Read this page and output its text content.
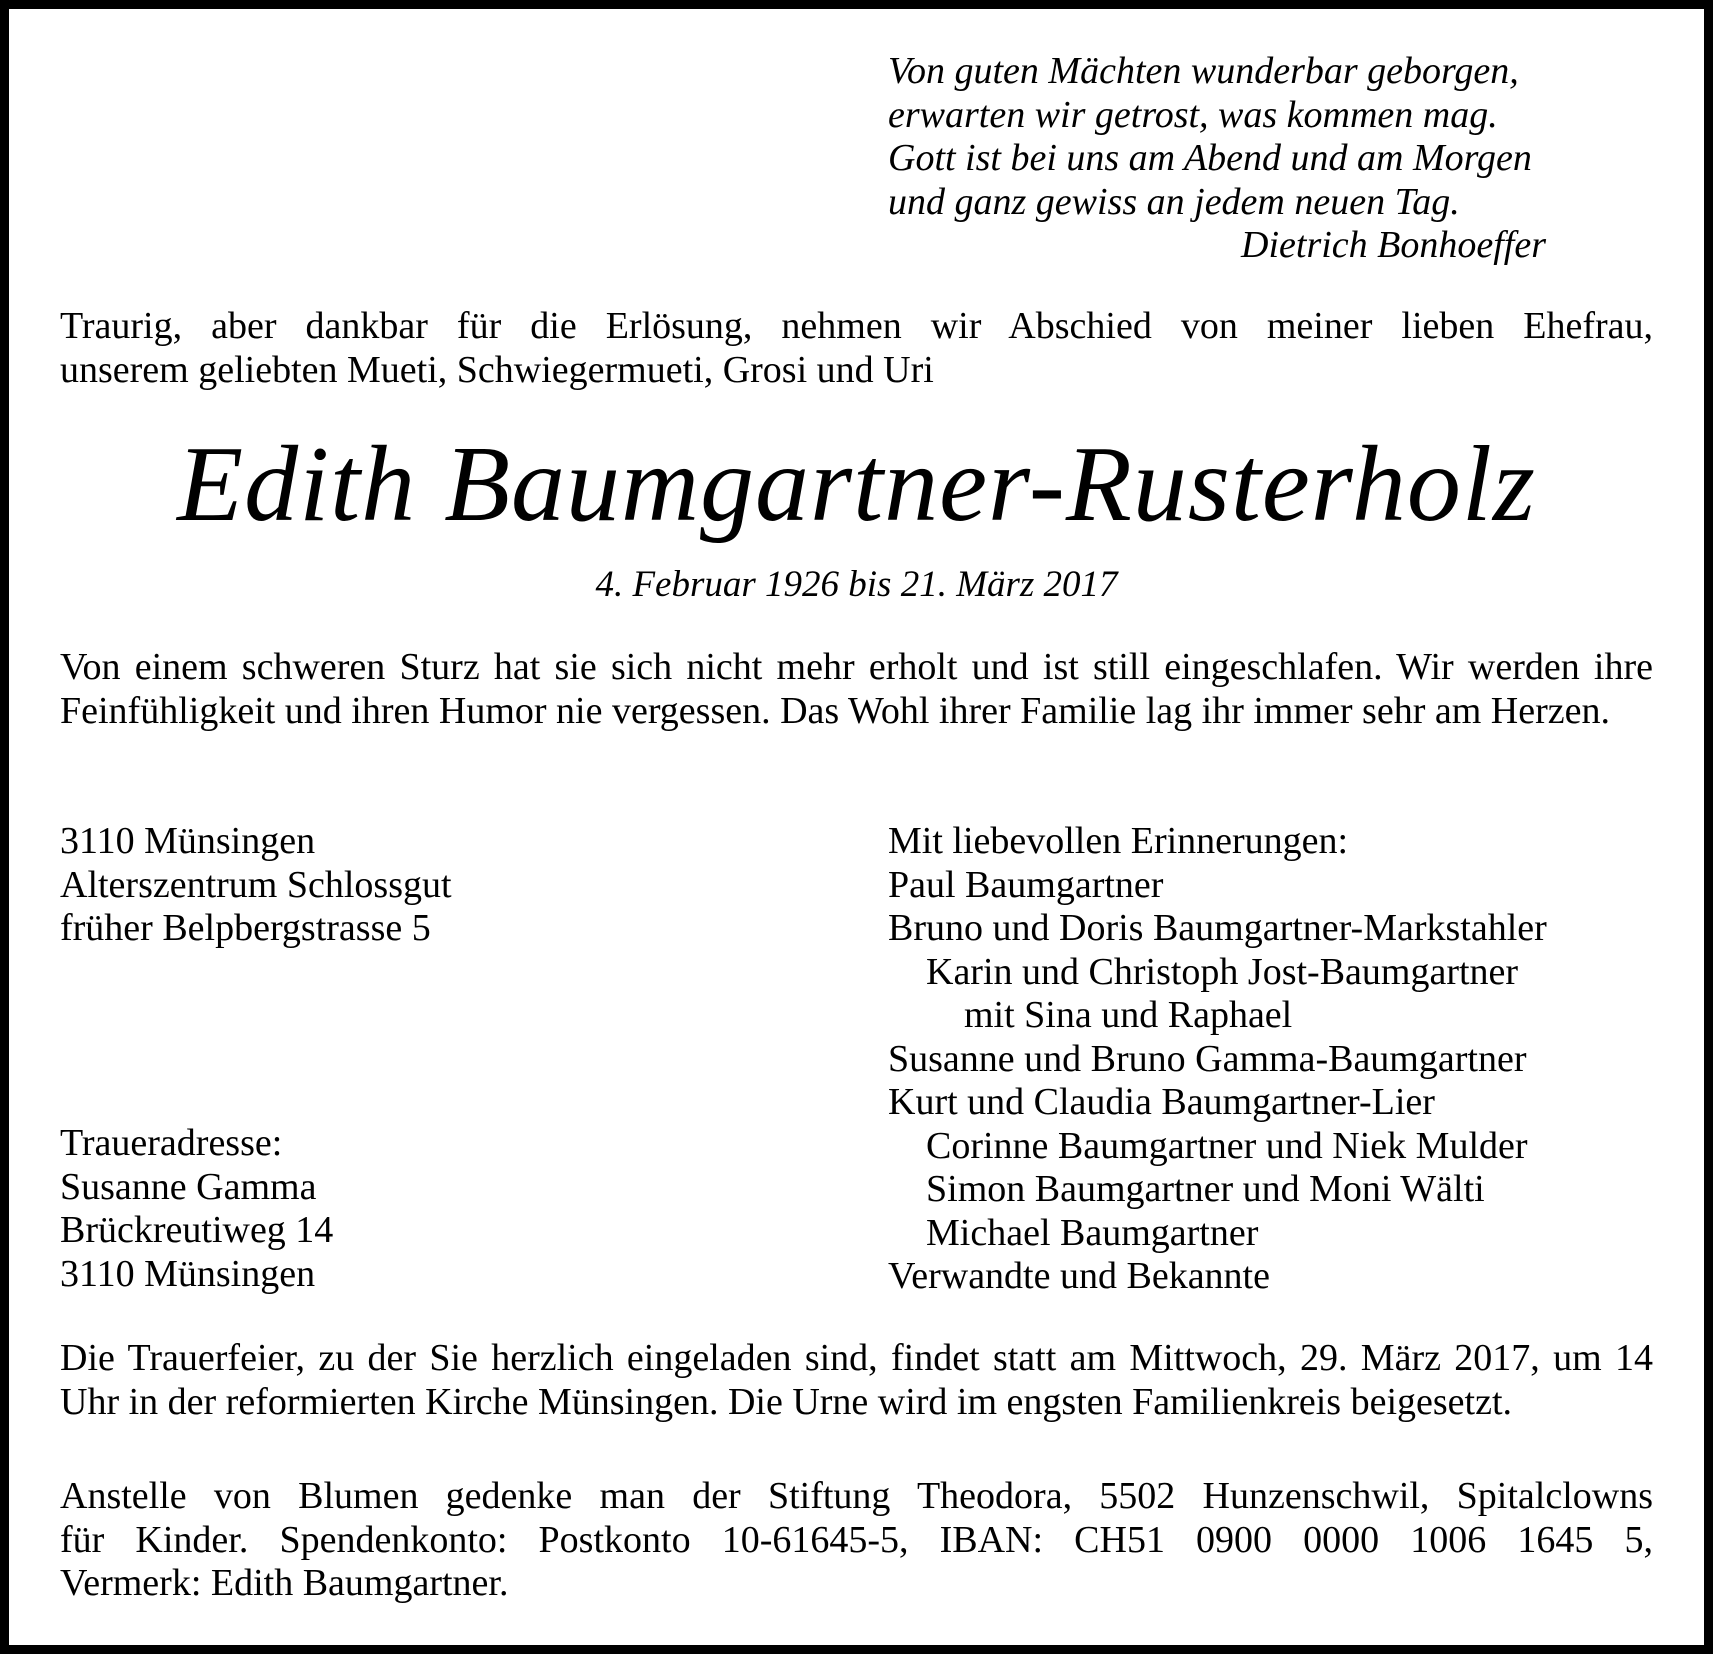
Von guten Mächten wunderbar geborgen,
erwarten wir getrost, was kommen mag.
Gott ist bei uns am Abend und am Morgen
und ganz gewiss an jedem neuen Tag.
Dietrich Bonhoeffer
Traurig, aber dankbar für die Erlösung, nehmen wir Abschied von meiner lieben Ehefrau,
unserem geliebten Mueti, Schwiegermueti, Grosi und Uri
Edith Baumgartner-Rusterholz
4. Februar 1926 bis 21. März 2017
Von einem schweren Sturz hat sie sich nicht mehr erholt und ist still eingeschlafen. Wir werden ihre Feinfühligkeit und ihren Humor nie vergessen. Das Wohl ihrer Familie lag ihr immer sehr am Herzen.
3110 Münsingen
Alterszentrum Schlossgut
früher Belpbergstrasse 5
Traueradresse:
Susanne Gamma
Brückreutiweg 14
3110 Münsingen
Mit liebevollen Erinnerungen:
Paul Baumgartner
Bruno und Doris Baumgartner-Markstahler
Karin und Christoph Jost-Baumgartner
mit Sina und Raphael
Susanne und Bruno Gamma-Baumgartner
Kurt und Claudia Baumgartner-Lier
Corinne Baumgartner und Niek Mulder
Simon Baumgartner und Moni Wälti
Michael Baumgartner
Verwandte und Bekannte
Die Trauerfeier, zu der Sie herzlich eingeladen sind, findet statt am Mittwoch, 29. März 2017, um 14 Uhr in der reformierten Kirche Münsingen. Die Urne wird im engsten Familienkreis beigesetzt.
Anstelle von Blumen gedenke man der Stiftung Theodora, 5502 Hunzenschwil, Spitalclowns
für Kinder. Spendenkonto: Postkonto 10-61645-5, IBAN: CH51 0900 0000 1006 1645 5,
Vermerk: Edith Baumgartner.
